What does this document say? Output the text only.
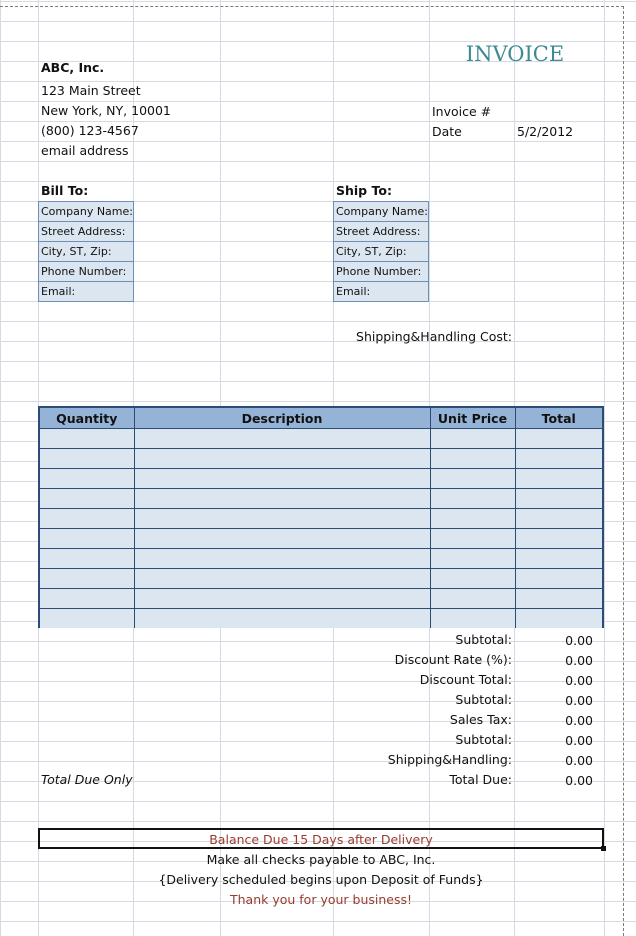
ABC, Inc.
123 Main Street
New York, NY, 10001
(800) 123-4567
email address
INVOICE
Invoice #
Date	5/2/2012
Bill To:
Company Name:
Street Address:
City, ST, Zip:
Phone Number:
Email:
Ship To:
Company Name:
Street Address:
City, ST, Zip:
Phone Number:
Email:
Shipping&Handling Cost:
Quantity	Description	Unit Price	Total

Subtotal:	0.00
Discount Rate (%):	0.00
Discount Total:	0.00
Subtotal:	0.00
Sales Tax:	0.00
Subtotal:	0.00
Shipping&Handling:	0.00
Total Due:	0.00
Total Due Only
Balance Due 15 Days after Delivery
Make all checks payable to ABC, Inc.
{Delivery scheduled begins upon Deposit of Funds}
Thank you for your business!
